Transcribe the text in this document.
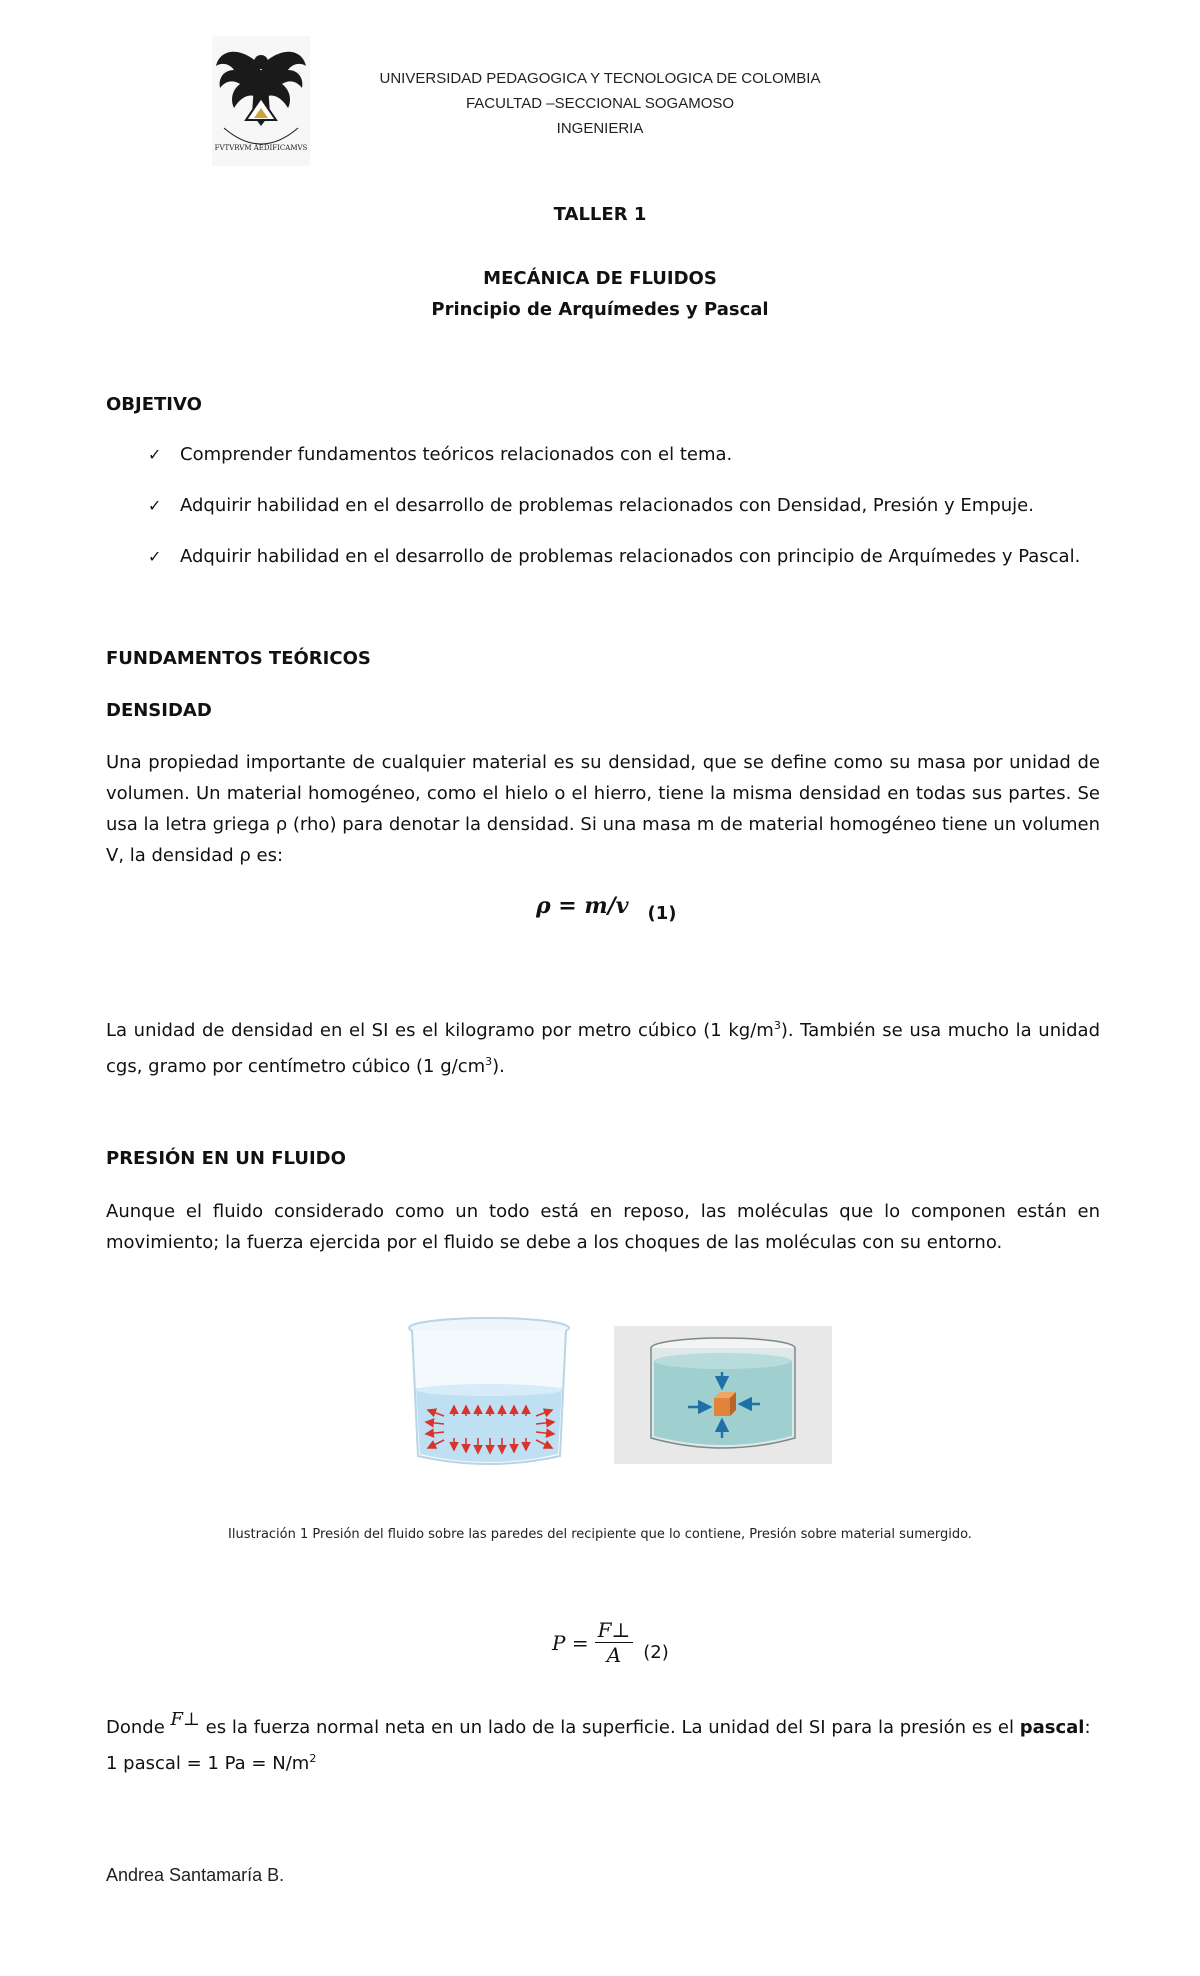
FVTVRVM AEDIFICAMVS
UNIVERSIDAD PEDAGOGICA Y TECNOLOGICA DE COLOMBIA
FACULTAD –SECCIONAL SOGAMOSO
INGENIERIA
TALLER 1
MECÁNICA DE FLUIDOS
Principio de Arquímedes y Pascal
OBJETIVO
✓	Comprender fundamentos teóricos relacionados con el tema.
✓	Adquirir habilidad en el desarrollo de problemas relacionados con Densidad, Presión y Empuje.
✓	Adquirir habilidad en el desarrollo de problemas relacionados con principio de Arquímedes y Pascal.
FUNDAMENTOS TEÓRICOS
DENSIDAD
Una propiedad importante de cualquier material es su densidad, que se define como su masa por unidad de volumen. Un material homogéneo, como el hielo o el hierro, tiene la misma densidad en todas sus partes. Se usa la letra griega ρ (rho) para denotar la densidad. Si una masa m de material homogéneo tiene un volumen V, la densidad ρ es:
ρ = m/v $_{(1)}$
La unidad de densidad en el SI es el kilogramo por metro cúbico (1 $kg/m^3$). También se usa mucho la unidad cgs, gramo por centímetro cúbico (1 $g/cm^3$).
PRESIÓN EN UN FLUIDO
Aunque el fluido considerado como un todo está en reposo, las moléculas que lo componen están en movimiento; la fuerza ejercida por el fluido se debe a los choques de las moléculas con su entorno.
Ilustración 1 Presión del fluido sobre las paredes del recipiente que lo contiene, Presión sobre material sumergido.
$P = \frac{F\perp}{A} (2)$
Donde F⊥ es la fuerza normal neta en un lado de la superficie. La unidad del SI para la presión es el pascal:
1 pascal = 1 $Pa = N/m^2$
Andrea Santamaría B.
